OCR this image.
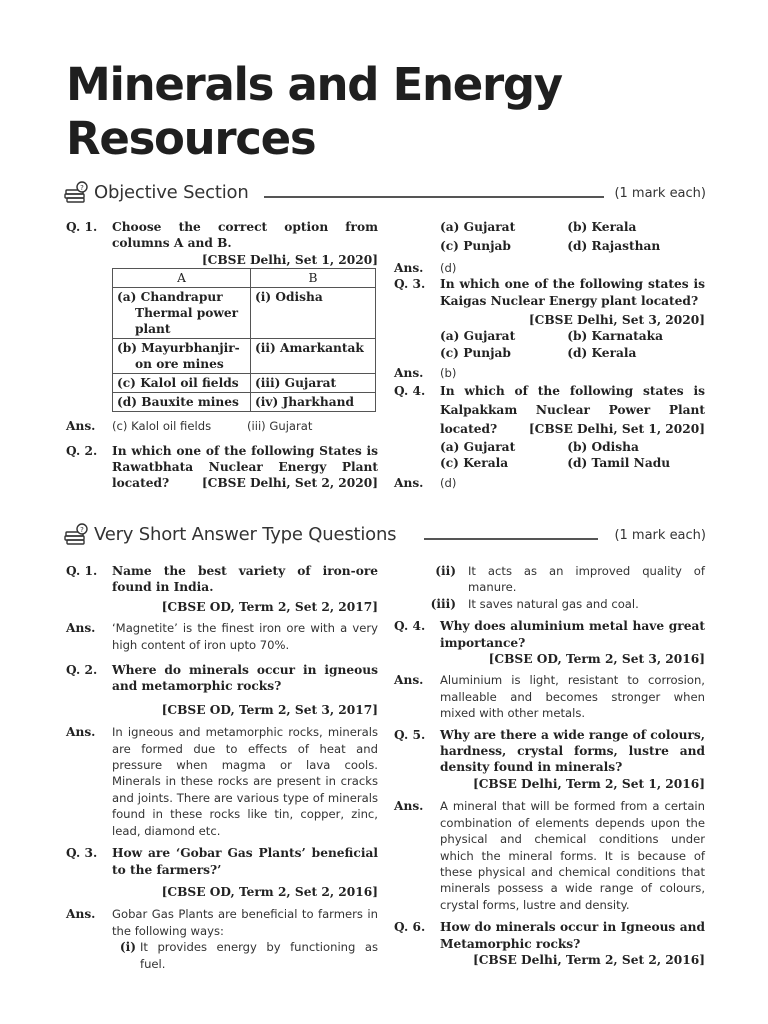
Minerals and Energy Resources
? Objective Section	(1 mark each)
? Very Short Answer Type Questions	(1 mark each)
Q. 1. Choose the correct option from columns A and B.
[CBSE Delhi, Set 1, 2020]
A	B

(a) Chandrapur Thermal power plant	(i) Odisha

(b) Mayurbhanjir-on ore mines	(ii) Amarkantak
(c) Kalol oil fields	(iii) Gujarat
(d) Bauxite mines	(iv) Jharkhand
Ans. (c) Kalol oil fields	(iii) Gujarat
Q. 2. In which one of the following States is Rawatbhata Nuclear Energy Plant located?	[CBSE Delhi, Set 2, 2020]
(a) Gujarat	(b) Kerala (c) Punjab	(d) Rajasthan
Ans. (d)
Q. 3. In which one of the following states is Kaigas Nuclear Energy plant located?
[CBSE Delhi, Set 3, 2020]
(a) Gujarat	(b) Karnataka (c) Punjab	(d) Kerala
Ans. (b)
Q. 4. In which of the following states is Kalpakkam Nuclear Power Plant located?	[CBSE Delhi, Set 1, 2020]
(a) Gujarat	(b) Odisha (c) Kerala	(d) Tamil Nadu
Ans. (d)
Q. 1. Name the best variety of iron-ore found in India.
[CBSE OD, Term 2, Set 2, 2017]
Ans. ‘Magnetite’ is the finest iron ore with a very high content of iron upto 70%.
Q. 2. Where do minerals occur in igneous and metamorphic rocks?
[CBSE OD, Term 2, Set 3, 2017]
Ans. In igneous and metamorphic rocks, minerals are formed due to effects of heat and pressure when magma or lava cools. Minerals in these rocks are present in cracks and joints. There are various type of minerals found in these rocks like tin, copper, zinc, lead, diamond etc.
Q. 3. How are ‘Gobar Gas Plants’ beneficial to the farmers?’
[CBSE OD, Term 2, Set 2, 2016]
Ans. Gobar Gas Plants are beneficial to farmers in the following ways:
(i) It provides energy by functioning as fuel.
(ii) It acts as an improved quality of manure.
(iii) It saves natural gas and coal.
Q. 4. Why does aluminium metal have great importance?
[CBSE OD, Term 2, Set 3, 2016]
Ans. Aluminium is light, resistant to corrosion, malleable and becomes stronger when mixed with other metals.
Q. 5. Why are there a wide range of colours, hardness, crystal forms, lustre and density found in minerals?
[CBSE Delhi, Term 2, Set 1, 2016]
Ans. A mineral that will be formed from a certain combination of elements depends upon the physical and chemical conditions under which the mineral forms. It is because of these physical and chemical conditions that minerals possess a wide range of colours, crystal forms, lustre and density.
Q. 6. How do minerals occur in Igneous and Metamorphic rocks?
[CBSE Delhi, Term 2, Set 2, 2016]
